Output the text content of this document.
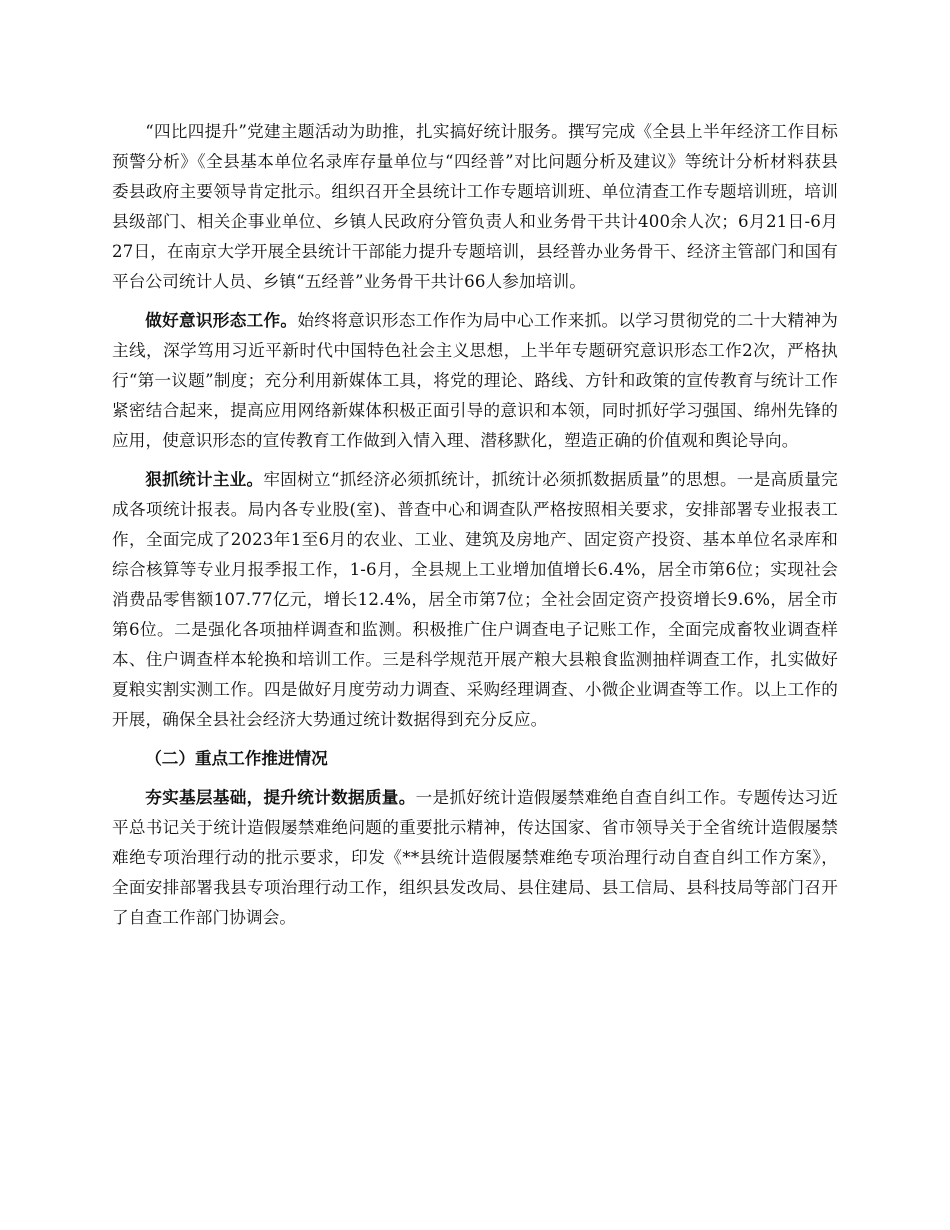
“四比四提升”党建主题活动为助推，扎实搞好统计服务。撰写完成《全县上半年经济工作目标预警分析》《全县基本单位名录库存量单位与“四经普”对比问题分析及建议》等统计分析材料获县委县政府主要领导肯定批示。组织召开全县统计工作专题培训班、单位清查工作专题培训班，培训县级部门、相关企事业单位、乡镇人民政府分管负责人和业务骨干共计400余人次；6月21日-6月27日，在南京大学开展全县统计干部能力提升专题培训，县经普办业务骨干、经济主管部门和国有平台公司统计人员、乡镇“五经普”业务骨干共计66人参加培训。

做好意识形态工作。始终将意识形态工作作为局中心工作来抓。以学习贯彻党的二十大精神为主线，深学笃用习近平新时代中国特色社会主义思想，上半年专题研究意识形态工作2次，严格执行“第一议题”制度；充分利用新媒体工具，将党的理论、路线、方针和政策的宣传教育与统计工作紧密结合起来，提高应用网络新媒体积极正面引导的意识和本领，同时抓好学习强国、绵州先锋的应用，使意识形态的宣传教育工作做到入情入理、潜移默化，塑造正确的价值观和舆论导向。

狠抓统计主业。牢固树立“抓经济必须抓统计，抓统计必须抓数据质量”的思想。一是高质量完成各项统计报表。局内各专业股(室)、普查中心和调查队严格按照相关要求，安排部署专业报表工作，全面完成了2023年1至6月的农业、工业、建筑及房地产、固定资产投资、基本单位名录库和综合核算等专业月报季报工作，1-6月，全县规上工业增加值增长6.4%，居全市第6位；实现社会消费品零售额107.77亿元，增长12.4%，居全市第7位；全社会固定资产投资增长9.6%，居全市第6位。二是强化各项抽样调查和监测。积极推广住户调查电子记账工作，全面完成畜牧业调查样本、住户调查样本轮换和培训工作。三是科学规范开展产粮大县粮食监测抽样调查工作，扎实做好夏粮实割实测工作。四是做好月度劳动力调查、采购经理调查、小微企业调查等工作。以上工作的开展，确保全县社会经济大势通过统计数据得到充分反应。

（二）重点工作推进情况

夯实基层基础，提升统计数据质量。一是抓好统计造假屡禁难绝自查自纠工作。专题传达习近平总书记关于统计造假屡禁难绝问题的重要批示精神，传达国家、省市领导关于全省统计造假屡禁难绝专项治理行动的批示要求，印发《**县统计造假屡禁难绝专项治理行动自查自纠工作方案》，全面安排部署我县专项治理行动工作，组织县发改局、县住建局、县工信局、县科技局等部门召开了自查工作部门协调会。
